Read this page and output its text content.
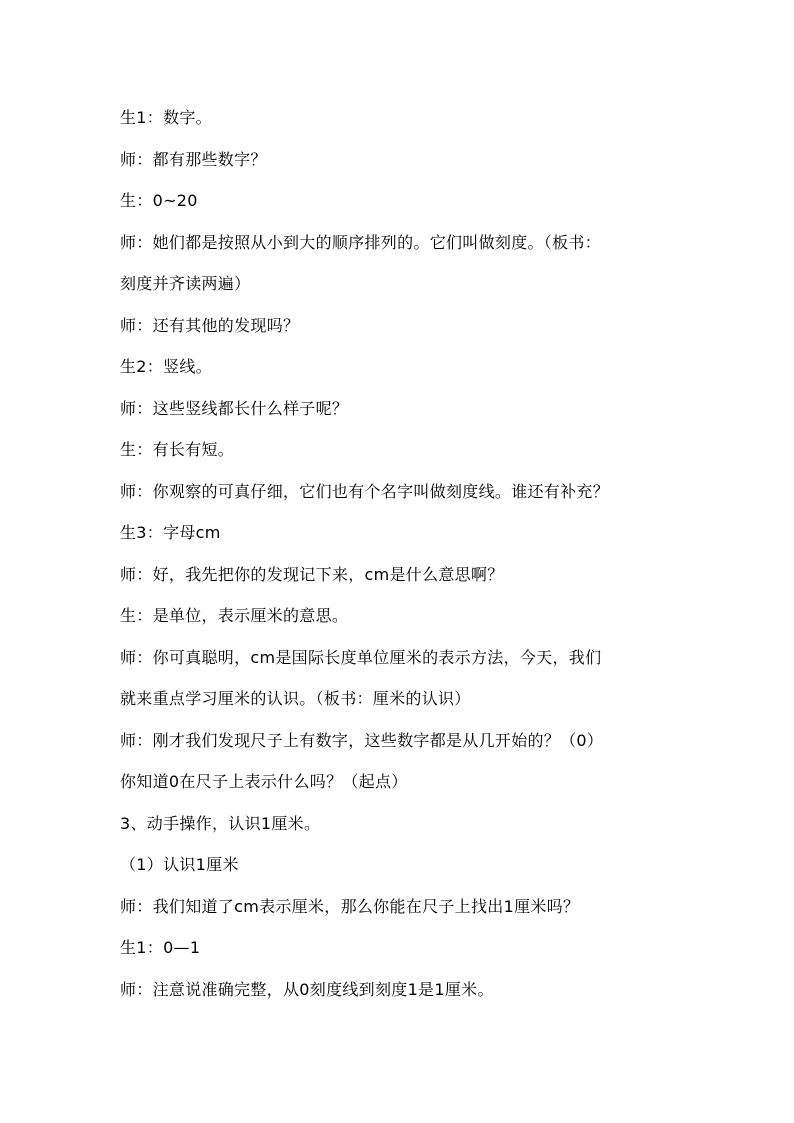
生1：数字。
师：都有那些数字？
生：0~20
师：她们都是按照从小到大的顺序排列的。它们叫做刻度。（板书：
刻度并齐读两遍）
师：还有其他的发现吗？
生2：竖线。
师：这些竖线都长什么样子呢？
生：有长有短。
师：你观察的可真仔细，它们也有个名字叫做刻度线。谁还有补充？
生3：字母cm
师：好，我先把你的发现记下来，cm是什么意思啊？
生：是单位，表示厘米的意思。
师：你可真聪明，cm是国际长度单位厘米的表示方法，今天，我们
就来重点学习厘米的认识。（板书：厘米的认识）
师：刚才我们发现尺子上有数字，这些数字都是从几开始的？（0）
你知道0在尺子上表示什么吗？（起点）
3、动手操作，认识1厘米。
（1）认识1厘米
师：我们知道了cm表示厘米，那么你能在尺子上找出1厘米吗？
生1：0—1
师：注意说准确完整，从0刻度线到刻度1是1厘米。
